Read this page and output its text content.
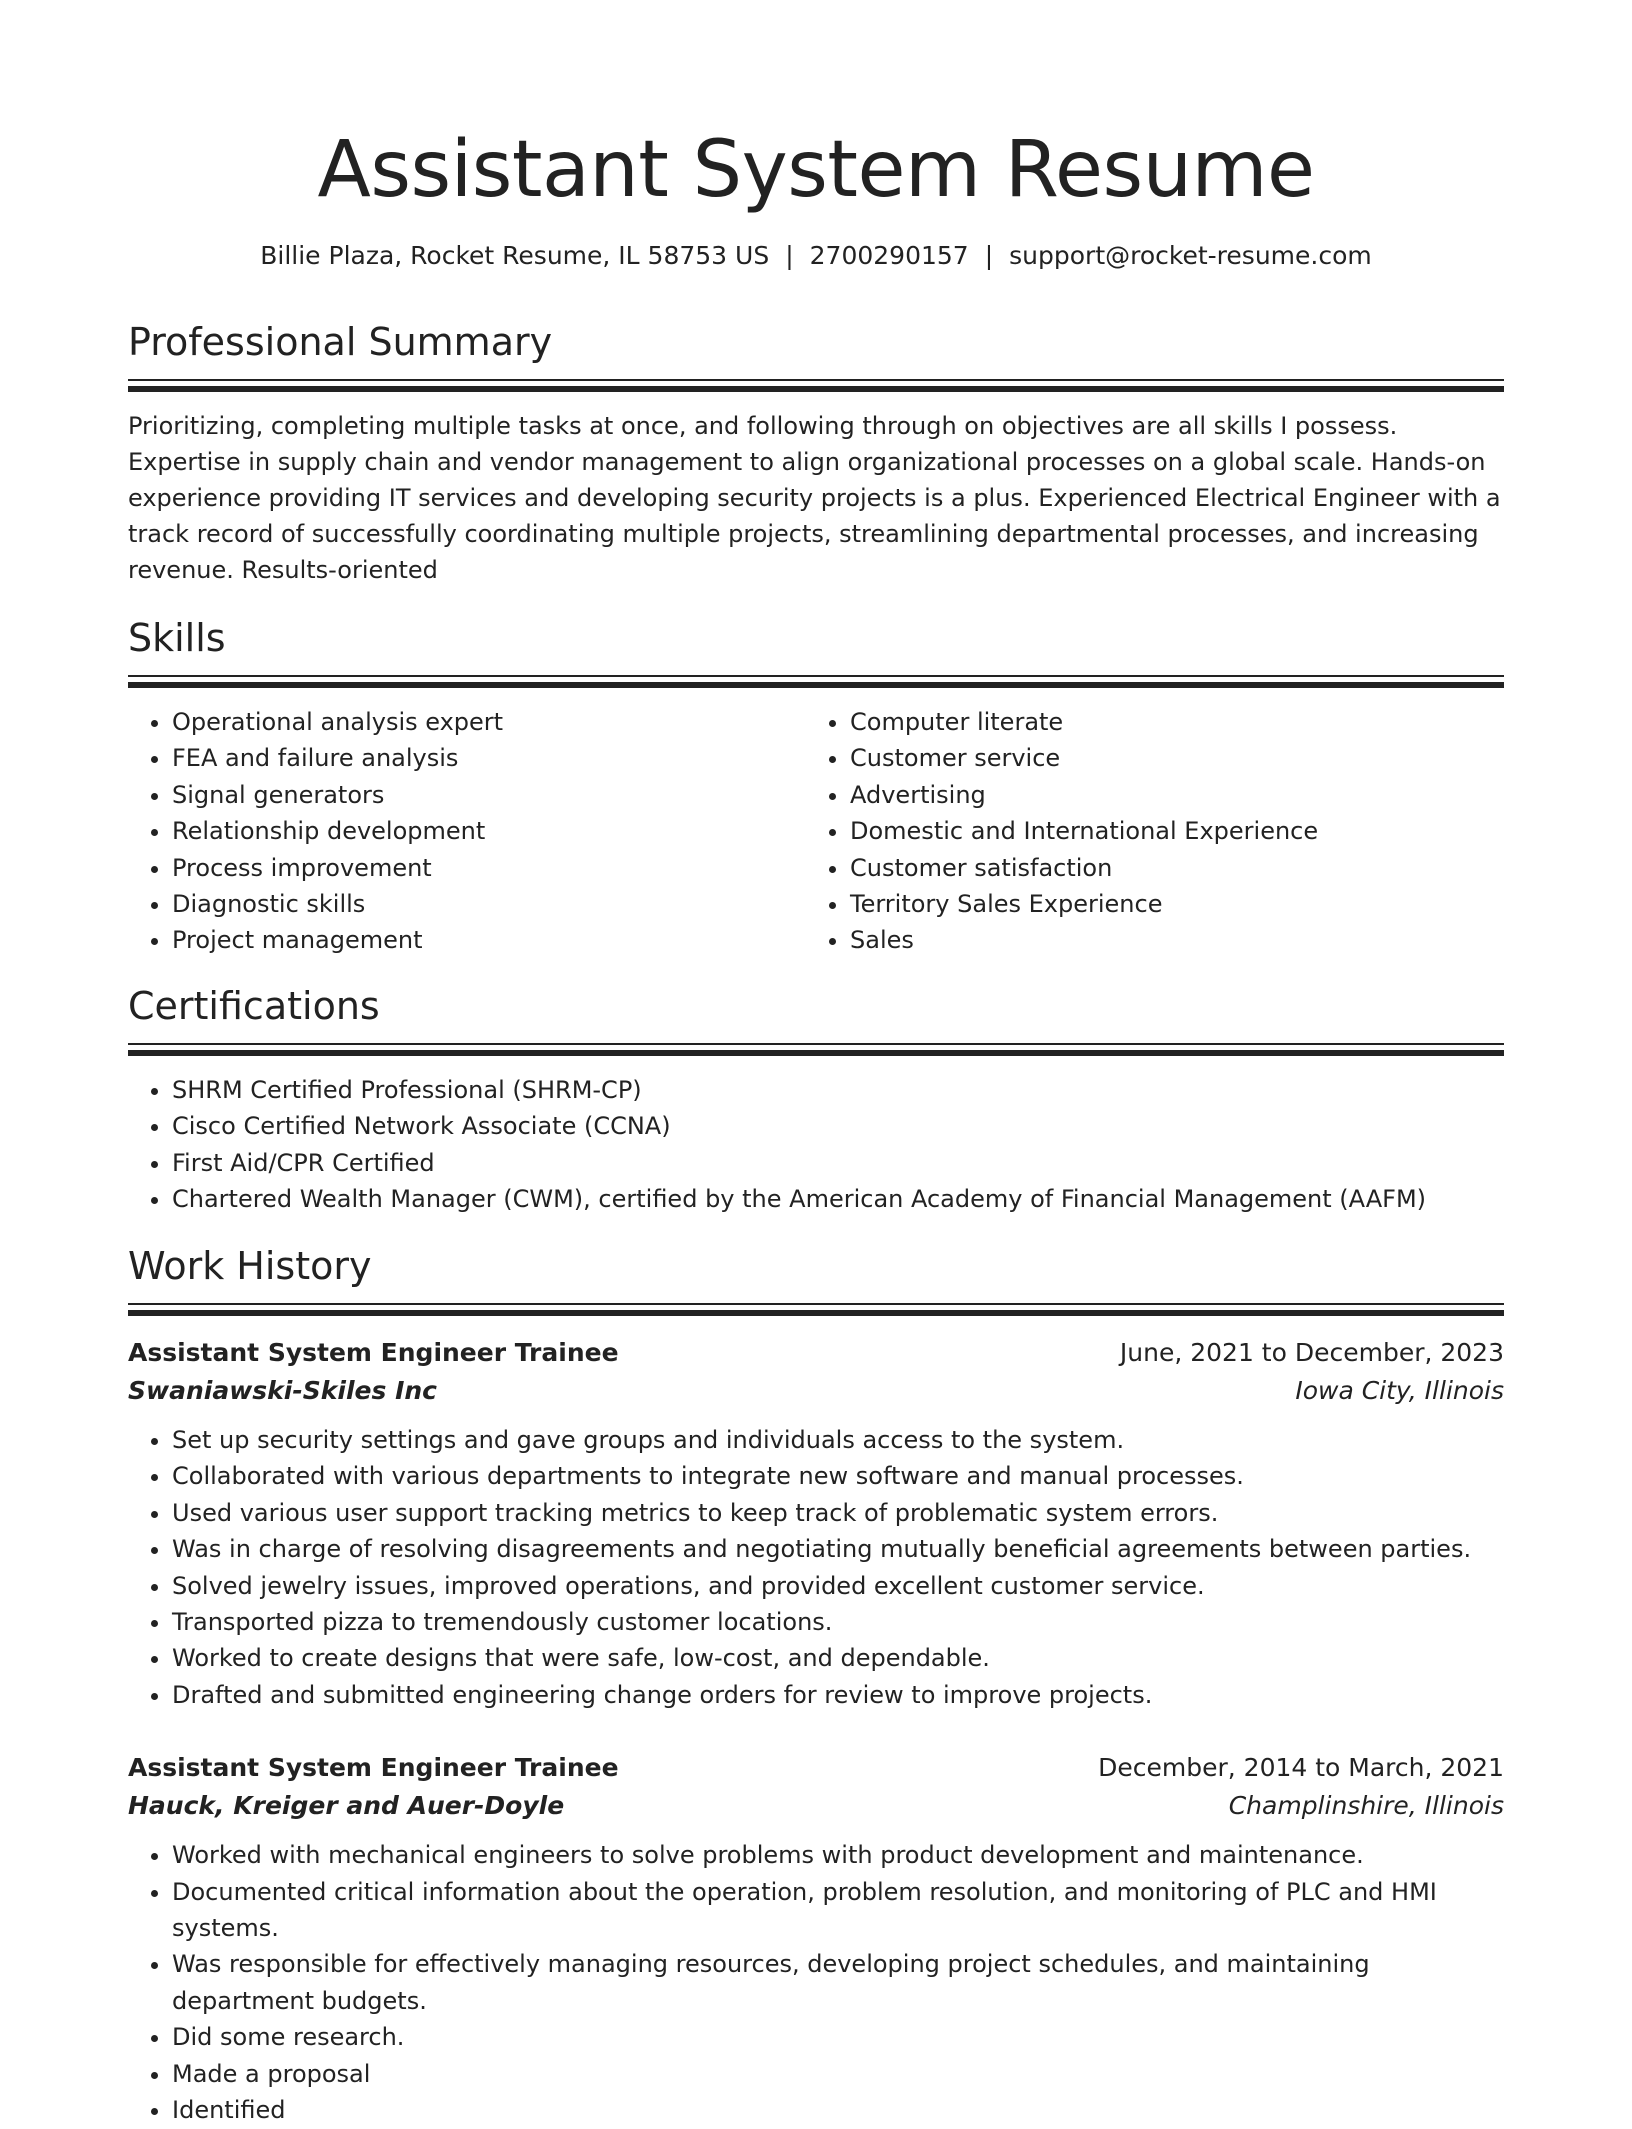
Assistant System Resume
Billie Plaza, Rocket Resume, IL 58753 US | 2700290157 | support@rocket-resume.com
Professional Summary
Prioritizing, completing multiple tasks at once, and following through on objectives are all skills I possess. Expertise in supply chain and vendor management to align organizational processes on a global scale. Hands-on experience providing IT services and developing security projects is a plus. Experienced Electrical Engineer with a track record of successfully coordinating multiple projects, streamlining departmental processes, and increasing revenue. Results-oriented
Skills
• Operational analysis expert
• FEA and failure analysis
• Signal generators
• Relationship development
• Process improvement
• Diagnostic skills
• Project management
• Computer literate
• Customer service
• Advertising
• Domestic and International Experience
• Customer satisfaction
• Territory Sales Experience
• Sales
Certifications
• SHRM Certified Professional (SHRM-CP)
• Cisco Certified Network Associate (CCNA)
• First Aid/CPR Certified
• Chartered Wealth Manager (CWM), certified by the American Academy of Financial Management (AAFM)
Work History
Assistant System Engineer Trainee	June, 2021 to December, 2023
Swaniawski-Skiles Inc	Iowa City, Illinois
• Set up security settings and gave groups and individuals access to the system.
• Collaborated with various departments to integrate new software and manual processes.
• Used various user support tracking metrics to keep track of problematic system errors.
• Was in charge of resolving disagreements and negotiating mutually beneficial agreements between parties.
• Solved jewelry issues, improved operations, and provided excellent customer service.
• Transported pizza to tremendously customer locations.
• Worked to create designs that were safe, low-cost, and dependable.
• Drafted and submitted engineering change orders for review to improve projects.
Assistant System Engineer Trainee	December, 2014 to March, 2021
Hauck, Kreiger and Auer-Doyle	Champlinshire, Illinois
• Worked with mechanical engineers to solve problems with product development and maintenance.
• Documented critical information about the operation, problem resolution, and monitoring of PLC and HMI systems.
• Was responsible for effectively managing resources, developing project schedules, and maintaining department budgets.
• Did some research.
• Made a proposal
• Identified
